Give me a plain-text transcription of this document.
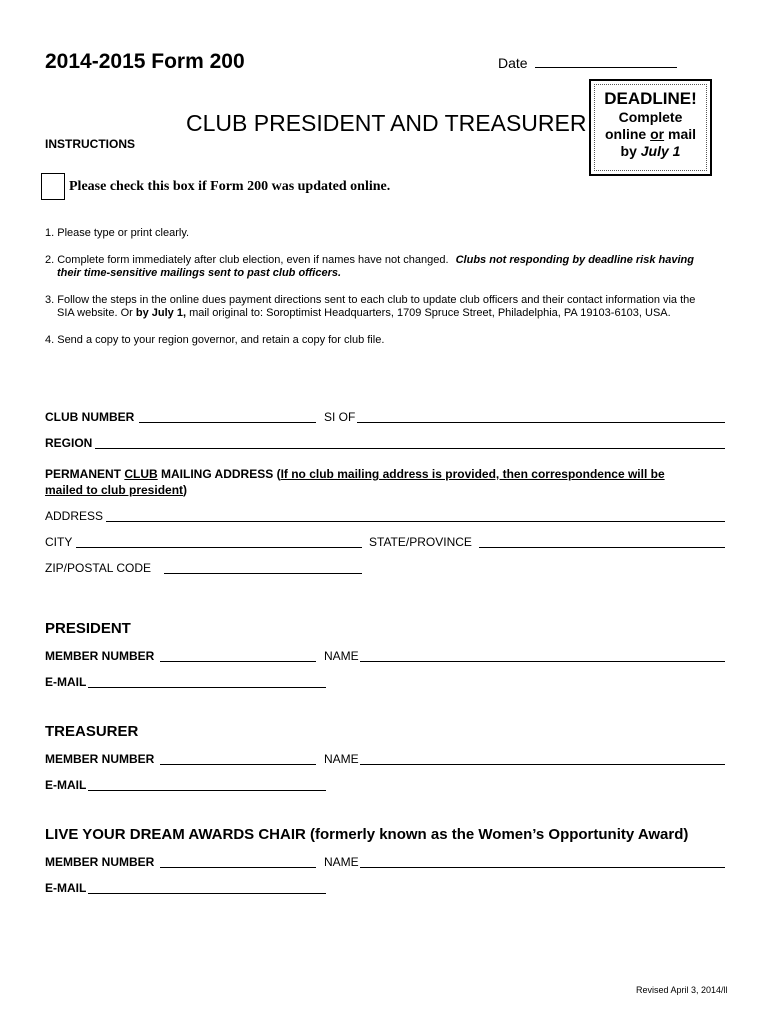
2014-2015 Form 200	Date
DEADLINE!
Complete
online or mail
by July 1
CLUB PRESIDENT AND TREASURER
INSTRUCTIONS
Please check this box if Form 200 was updated online.
1. Please type or print clearly.
2. Complete form immediately after club election, even if names have not changed. Clubs not responding by deadline risk having
their time-sensitive mailings sent to past club officers.
3. Follow the steps in the online dues payment directions sent to each club to update club officers and their contact information via the
SIA website. Or by July 1, mail original to: Soroptimist Headquarters, 1709 Spruce Street, Philadelphia, PA 19103-6103, USA.
4. Send a copy to your region governor, and retain a copy for club file.
CLUB NUMBER	SI OF
REGION
PERMANENT CLUB MAILING ADDRESS (If no club mailing address is provided, then correspondence will be
mailed to club president)
ADDRESS
CITY	STATE/PROVINCE
ZIP/POSTAL CODE
PRESIDENT
MEMBER NUMBER	NAME
E-MAIL
TREASURER
MEMBER NUMBER	NAME
E-MAIL
LIVE YOUR DREAM AWARDS CHAIR (formerly known as the Women’s Opportunity Award)
MEMBER NUMBER	NAME
E-MAIL
Revised April 3, 2014/ll
